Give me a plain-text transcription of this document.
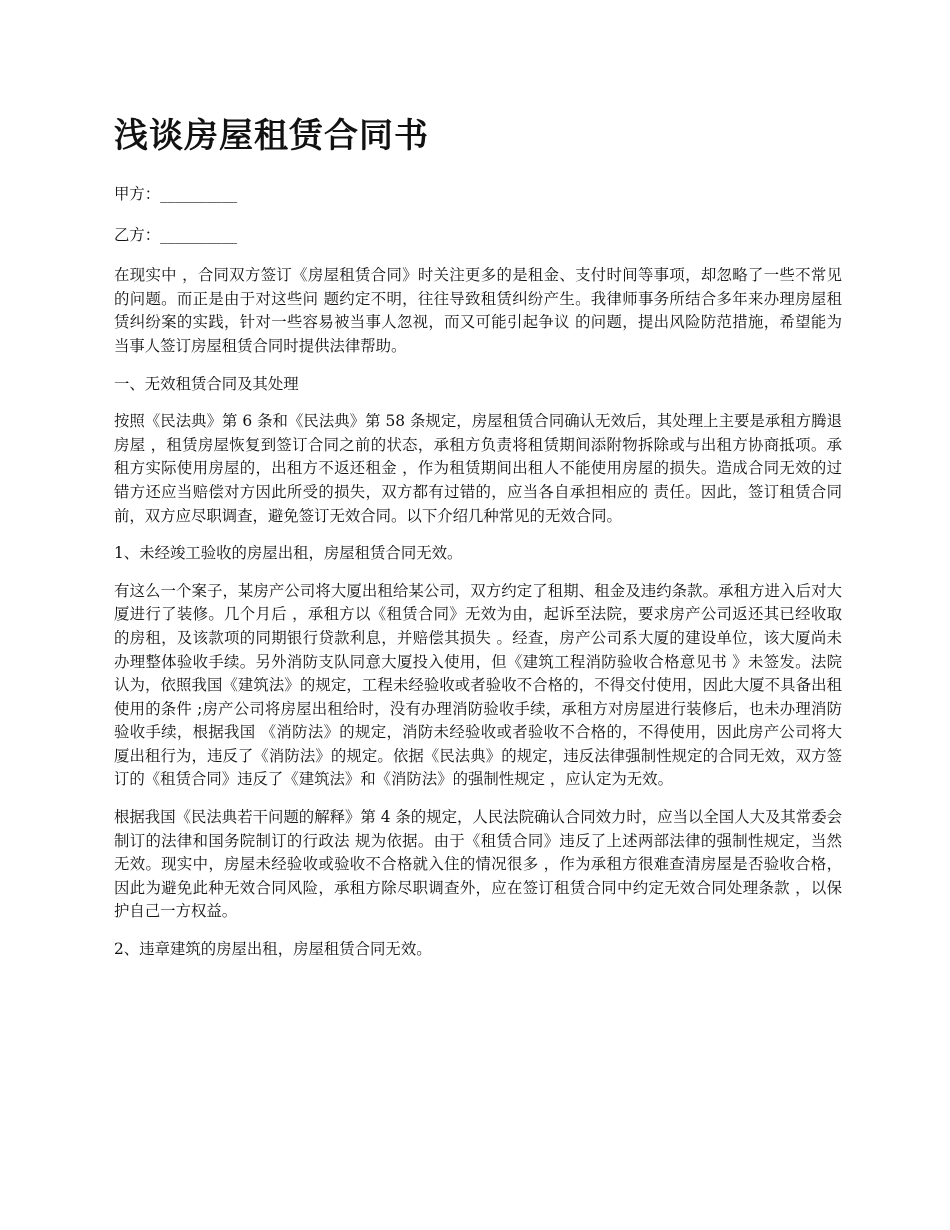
浅谈房屋租赁合同书

甲方：__________

乙方：__________

在现实中 ，合同双方签订《房屋租赁合同》时关注更多的是租金、支付时间等事项，却忽略了一些不常见的问题。而正是由于对这些问 题约定不明，往往导致租赁纠纷产生。我律师事务所结合多年来办理房屋租赁纠纷案的实践，针对一些容易被当事人忽视，而又可能引起争议 的问题，提出风险防范措施，希望能为当事人签订房屋租赁合同时提供法律帮助。

一、无效租赁合同及其处理

按照《民法典》第 6 条和《民法典》第 58 条规定，房屋租赁合同确认无效后，其处理上主要是承租方腾退房屋 ，租赁房屋恢复到签订合同之前的状态，承租方负责将租赁期间添附物拆除或与出租方协商抵项。承租方实际使用房屋的，出租方不返还租金 ，作为租赁期间出租人不能使用房屋的损失。造成合同无效的过错方还应当赔偿对方因此所受的损失，双方都有过错的，应当各自承担相应的 责任。因此，签订租赁合同前，双方应尽职调查，避免签订无效合同。以下介绍几种常见的无效合同。

1、未经竣工验收的房屋出租，房屋租赁合同无效。

有这么一个案子，某房产公司将大厦出租给某公司，双方约定了租期、租金及违约条款。承租方进入后对大厦进行了装修。几个月后 ，承租方以《租赁合同》无效为由，起诉至法院，要求房产公司返还其已经收取的房租，及该款项的同期银行贷款利息，并赔偿其损失 。经查，房产公司系大厦的建设单位，该大厦尚未办理整体验收手续。另外消防支队同意大厦投入使用，但《建筑工程消防验收合格意见书 》未签发。法院认为，依照我国《建筑法》的规定，工程未经验收或者验收不合格的，不得交付使用，因此大厦不具备出租使用的条件 ;房产公司将房屋出租给时，没有办理消防验收手续，承租方对房屋进行装修后，也未办理消防验收手续，根据我国 《消防法》的规定，消防未经验收或者验收不合格的，不得使用，因此房产公司将大厦出租行为，违反了《消防法》的规定。依据《民法典》的规定，违反法律强制性规定的合同无效，双方签订的《租赁合同》违反了《建筑法》和《消防法》的强制性规定 ，应认定为无效。

根据我国《民法典若干问题的解释》第 4 条的规定，人民法院确认合同效力时，应当以全国人大及其常委会制订的法律和国务院制订的行政法 规为依据。由于《租赁合同》违反了上述两部法律的强制性规定，当然无效。现实中，房屋未经验收或验收不合格就入住的情况很多 ，作为承租方很难查清房屋是否验收合格，因此为避免此种无效合同风险，承租方除尽职调查外，应在签订租赁合同中约定无效合同处理条款 ，以保护自己一方权益。

2、违章建筑的房屋出租，房屋租赁合同无效。
